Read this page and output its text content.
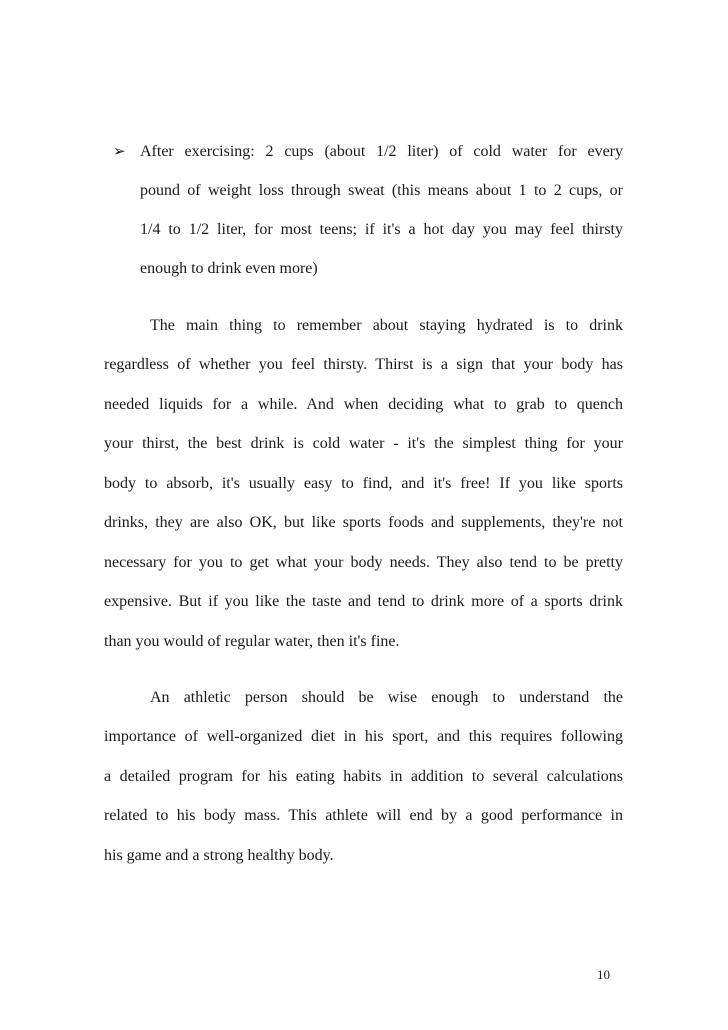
➢ After exercising: 2 cups (about 1/2 liter) of cold water for every
pound of weight loss through sweat (this means about 1 to 2 cups, or
1/4 to 1/2 liter, for most teens; if it's a hot day you may feel thirsty
enough to drink even more)
The main thing to remember about staying hydrated is to drink
regardless of whether you feel thirsty. Thirst is a sign that your body has
needed liquids for a while. And when deciding what to grab to quench
your thirst, the best drink is cold water - it's the simplest thing for your
body to absorb, it's usually easy to find, and it's free! If you like sports
drinks, they are also OK, but like sports foods and supplements, they're not
necessary for you to get what your body needs. They also tend to be pretty
expensive. But if you like the taste and tend to drink more of a sports drink
than you would of regular water, then it's fine.
An athletic person should be wise enough to understand the
importance of well-organized diet in his sport, and this requires following
a detailed program for his eating habits in addition to several calculations
related to his body mass. This athlete will end by a good performance in
his game and a strong healthy body.
10
